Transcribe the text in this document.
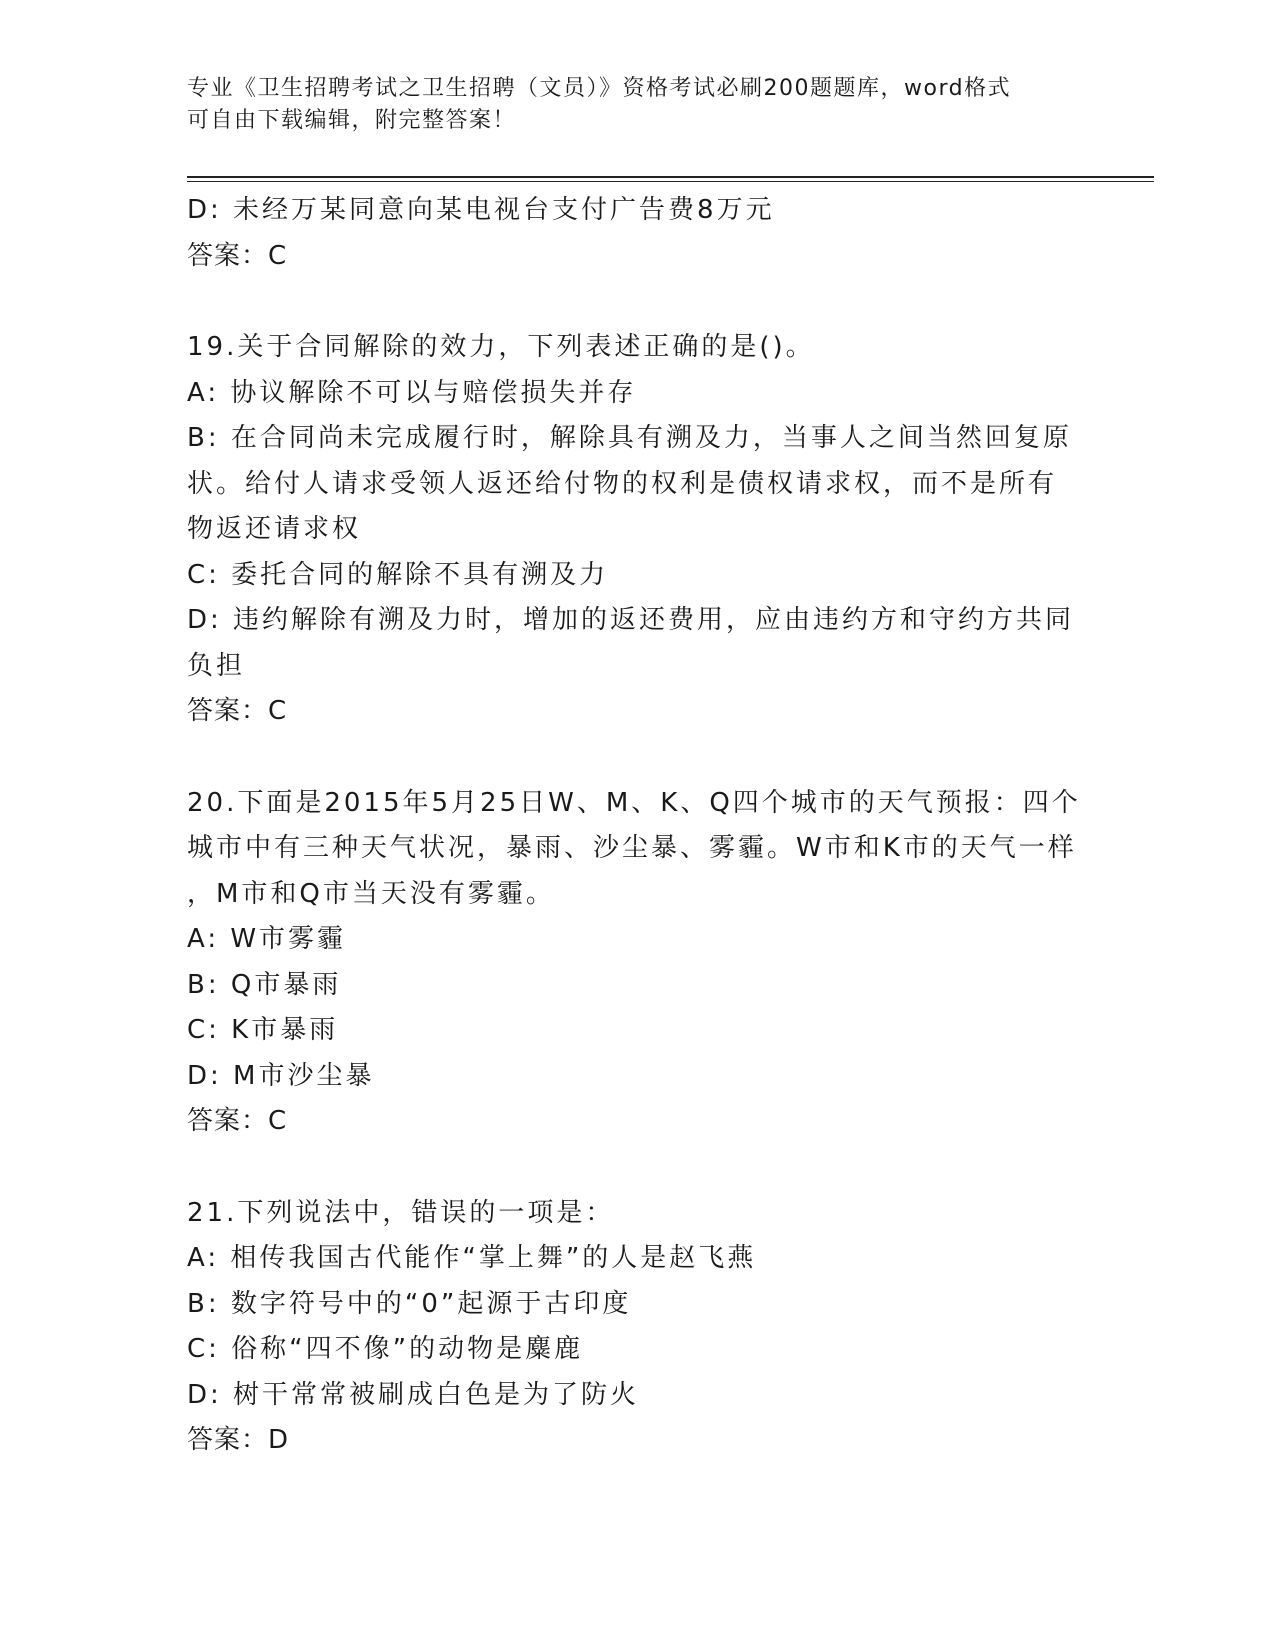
专业《卫生招聘考试之卫生招聘（文员）》资格考试必刷200题题库，word格式
可自由下载编辑，附完整答案！
D: 未经万某同意向某电视台支付广告费8万元
答案：C
19.关于合同解除的效力，下列表述正确的是()。
A: 协议解除不可以与赔偿损失并存
B: 在合同尚未完成履行时，解除具有溯及力，当事人之间当然回复原
状。给付人请求受领人返还给付物的权利是债权请求权，而不是所有
物返还请求权
C: 委托合同的解除不具有溯及力
D: 违约解除有溯及力时，增加的返还费用，应由违约方和守约方共同
负担
答案：C
20.下面是2015年5月25日W、M、K、Q四个城市的天气预报：四个
城市中有三种天气状况，暴雨、沙尘暴、雾霾。W市和K市的天气一样
，M市和Q市当天没有雾霾。
A: W市雾霾
B: Q市暴雨
C: K市暴雨
D: M市沙尘暴
答案：C
21.下列说法中，错误的一项是：
A: 相传我国古代能作“掌上舞”的人是赵飞燕
B: 数字符号中的“0”起源于古印度
C: 俗称“四不像”的动物是麋鹿
D: 树干常常被刷成白色是为了防火
答案：D
